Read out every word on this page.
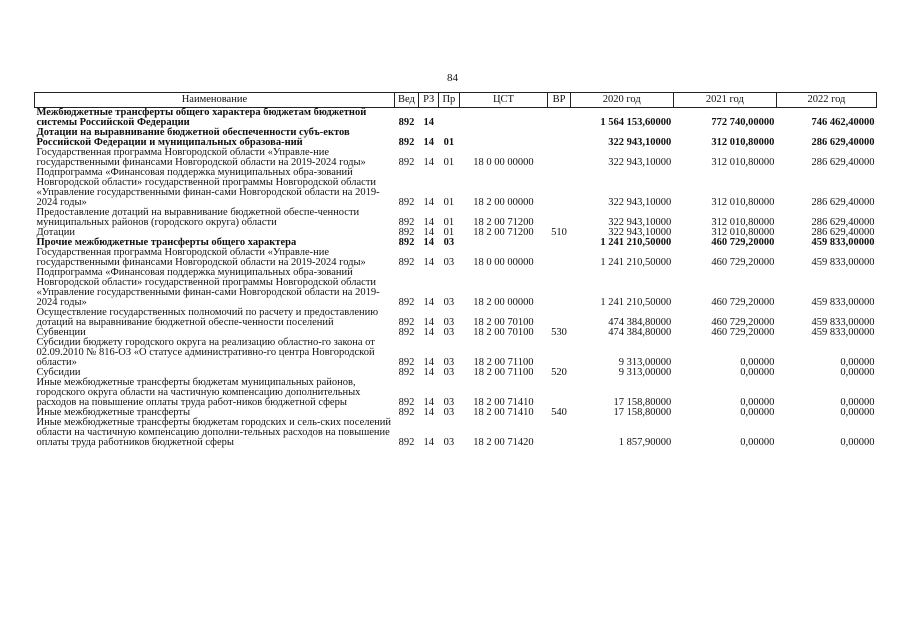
84
Наименование	Вед	РЗ	Пр	ЦСТ	ВР	2020 год	2021 год	2022 год
Межбюджетные трансферты общего характера бюджетам бюджетной системы Российской Федерации	892	14				1 564 153,60000	772 740,00000	746 462,40000
Дотации на выравнивание бюджетной обеспеченности субъ-ектов Российской Федерации и муниципальных образова-ний	892	14	01			322 943,10000	312 010,80000	286 629,40000
Государственная программа Новгородской области «Управле-ние государственными финансами Новгородской области на 2019-2024 годы»	892	14	01	18 0 00 00000		322 943,10000	312 010,80000	286 629,40000
Подпрограмма «Финансовая поддержка муниципальных обра-зований Новгородской области» государственной программы Новгородской области «Управление государственными финан-сами Новгородской области на 2019-2024 годы»	892	14	01	18 2 00 00000		322 943,10000	312 010,80000	286 629,40000
Предоставление дотаций на выравнивание бюджетной обеспе-ченности муниципальных районов (городского округа) области	892	14	01	18 2 00 71200		322 943,10000	312 010,80000	286 629,40000
Дотации	892	14	01	18 2 00 71200	510	322 943,10000	312 010,80000	286 629,40000
Прочие межбюджетные трансферты общего характера	892	14	03			1 241 210,50000	460 729,20000	459 833,00000
Государственная программа Новгородской области «Управле-ние государственными финансами Новгородской области на 2019-2024 годы»	892	14	03	18 0 00 00000		1 241 210,50000	460 729,20000	459 833,00000
Подпрограмма «Финансовая поддержка муниципальных обра-зований Новгородской области» государственной программы Новгородской области «Управление государственными финан-сами Новгородской области на 2019-2024 годы»	892	14	03	18 2 00 00000		1 241 210,50000	460 729,20000	459 833,00000
Осуществление государственных полномочий по расчету и предоставлению дотаций на выравнивание бюджетной обеспе-ченности поселений	892	14	03	18 2 00 70100		474 384,80000	460 729,20000	459 833,00000
Субвенции	892	14	03	18 2 00 70100	530	474 384,80000	460 729,20000	459 833,00000
Субсидии бюджету городского округа на реализацию областно-го закона от 02.09.2010 № 816-ОЗ «О статусе административно-го центра Новгородской области»	892	14	03	18 2 00 71100		9 313,00000	0,00000	0,00000
Субсидии	892	14	03	18 2 00 71100	520	9 313,00000	0,00000	0,00000
Иные межбюджетные трансферты бюджетам муниципальных районов, городского округа области на частичную компенсацию дополнительных расходов на повышение оплаты труда работ-ников бюджетной сферы	892	14	03	18 2 00 71410		17 158,80000	0,00000	0,00000
Иные межбюджетные трансферты	892	14	03	18 2 00 71410	540	17 158,80000	0,00000	0,00000
Иные межбюджетные трансферты бюджетам городских и сель-ских поселений области на частичную компенсацию дополни-тельных расходов на повышение оплаты труда работников бюджетной сферы	892	14	03	18 2 00 71420		1 857,90000	0,00000	0,00000
